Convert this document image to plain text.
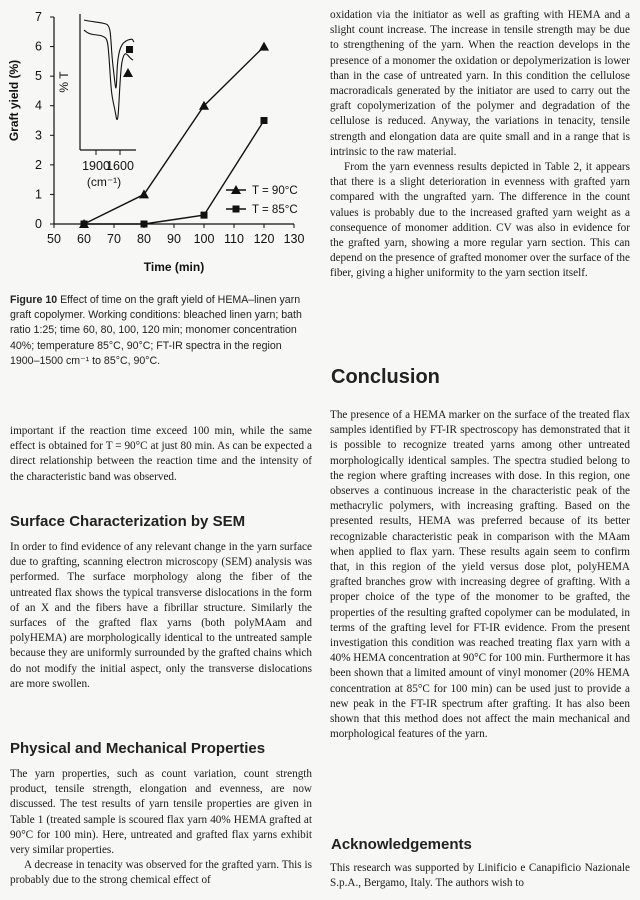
50 60 70 80 90 100 110 120 130
0
1
2
3
4
5
6
7
Time (min)
Graft yield (%)	% T
1900
1600
(cm⁻¹)
T = 90°C
T = 85°C
Figure 10 Effect of time on the graft yield of HEMA–linen yarn graft copolymer. Working conditions: bleached linen yarn; bath ratio 1:25; time 60, 80, 100, 120 min; monomer concentration 40%; temperature 85°C, 90°C; FT-IR spectra in the region 1900–1500 cm⁻¹ to 85°C, 90°C.

important if the reaction time exceed 100 min, while the same effect is obtained for T = 90°C at just 80 min. As can be expected a direct relationship between the reaction time and the intensity of the characteristic band was observed.

Surface Characterization by SEM

In order to find evidence of any relevant change in the yarn surface due to grafting, scanning electron microscopy (SEM) analysis was performed. The surface morphology along the fiber of the untreated flax shows the typical transverse dislocations in the form of an X and the fibers have a fibrillar structure. Similarly the surfaces of the grafted flax yarns (both polyMAam and polyHEMA) are morphologically identical to the untreated sample because they are uniformly surrounded by the grafted chains which do not modify the initial aspect, only the transverse dislocations are more swollen.

Physical and Mechanical Properties

The yarn properties, such as count variation, count strength product, tensile strength, elongation and evenness, are now discussed. The test results of yarn tensile properties are given in Table 1 (treated sample is scoured flax yarn 40% HEMA grafted at 90°C for 100 min). Here, untreated and grafted flax yarns exhibit very similar properties.

A decrease in tenacity was observed for the grafted yarn. This is probably due to the strong chemical effect of

oxidation via the initiator as well as grafting with HEMA and a slight count increase. The increase in tensile strength may be due to strengthening of the yarn. When the reaction develops in the presence of a monomer the oxidation or depolymerization is lower than in the case of untreated yarn. In this condition the cellulose macroradicals generated by the initiator are used to carry out the graft copolymerization of the polymer and degradation of the cellulose is reduced. Anyway, the variations in tenacity, tensile strength and elongation data are quite small and in a range that is intrinsic to the raw material.

From the yarn evenness results depicted in Table 2, it appears that there is a slight deterioration in evenness with grafted yarn compared with the ungrafted yarn. The difference in the count values is probably due to the increased grafted yarn weight as a consequence of monomer addition. CV was also in evidence for the grafted yarn, showing a more regular yarn section. This can depend on the presence of grafted monomer over the surface of the fiber, giving a higher uniformity to the yarn section itself.

Conclusion

The presence of a HEMA marker on the surface of the treated flax samples identified by FT-IR spectroscopy has demonstrated that it is possible to recognize treated yarns among other untreated morphologically identical samples. The spectra studied belong to the region where grafting increases with dose. In this region, one observes a continuous increase in the characteristic peak of the methacrylic polymers, with increasing grafting. Based on the presented results, HEMA was preferred because of its better recognizable characteristic peak in comparison with the MAam when applied to flax yarn. These results again seem to confirm that, in this region of the yield versus dose plot, polyHEMA grafted branches grow with increasing degree of grafting. With a proper choice of the type of the monomer to be grafted, the properties of the resulting grafted copolymer can be modulated, in terms of the grafting level for FT-IR evidence. From the present investigation this condition was reached treating flax yarn with a 40% HEMA concentration at 90°C for 100 min. Furthermore it has been shown that a limited amount of vinyl monomer (20% HEMA concentration at 85°C for 100 min) can be used just to provide a new peak in the FT-IR spectrum after grafting. It has also been shown that this method does not affect the main mechanical and morphological features of the yarn.

Acknowledgements

This research was supported by Linificio e Canapificio Nazionale S.p.A., Bergamo, Italy. The authors wish to
